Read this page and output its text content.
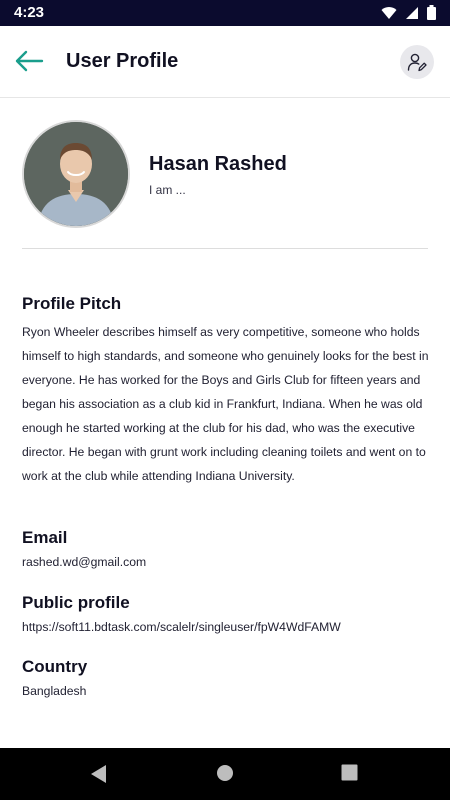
4:23
User Profile
Hasan Rashed
I am ...
Profile Pitch
Ryon Wheeler describes himself as very competitive, someone who holds himself to high standards, and someone who genuinely looks for the best in everyone. He has worked for the Boys and Girls Club for fifteen years and began his association as a club kid in Frankfurt, Indiana. When he was old enough he started working at the club for his dad, who was the executive director. He began with grunt work including cleaning toilets and went on to work at the club while attending Indiana University.
Email
rashed.wd@gmail.com
Public profile
https://soft11.bdtask.com/scalelr/singleuser/fpW4WdFAMW
Country
Bangladesh
